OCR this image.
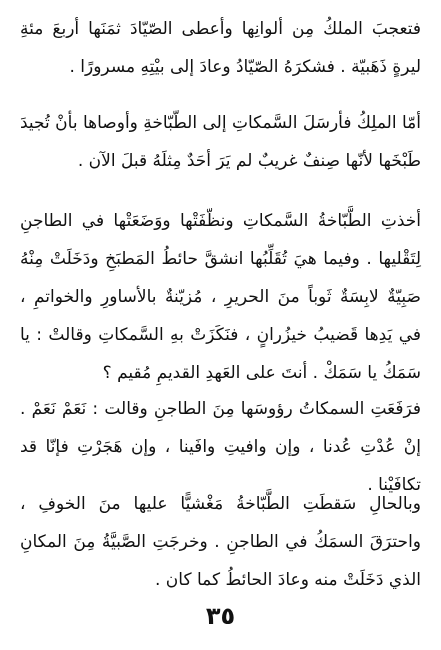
فتعجبَ الملكُ مِن ألوانِها وأعطى الصّيّادَ ثمَنَها أربعَ مئةِ ليرةٍ ذَهَبيّة . فشكرَهُ الصّيّادُ وعادَ إلى بيْتِهِ مسرورًا .

أمّا الملِكُ فأرسَلَ السَّمكاتِ إلى الطّبّاخةِ وأوصاها بأنْ تُجيدَ طَبْخَها لأنّها صِنفٌ غريبٌ لم يَرَ أحَدٌ مِثلَهُ قبلَ الآن .

أخذتِ الطَّبّاخةُ السَّمكاتِ ونظّفَتْها ووَضَعَتْها في الطاجنِ لِتَقْليها . وفيما هيَ تُقَلِّبُها انشقَّ حائطُ المَطبَخِ ودَخَلَتْ مِنْهُ صَبِيّةٌ لابِسَةٌ ثَوباً منَ الحريرِ ، مُزيّنةٌ بالأساورِ والخواتمِ ، في يَدِها قَضيبُ خيزُرانٍ ، فنَكَزَتْ بهِ السَّمكاتِ وقالتْ : يا سَمَكُ يا سَمَكْ . أنتَ على العَهدِ القديمِ مُقيم ؟

فرَفَعَتِ السمكاتُ رؤوسَها مِنَ الطاجنِ وقالت : نَعَمْ نَعَمْ . إنْ عُدْتِ عُدنا ، وإن وافيتِ وافَينا ، وإن هَجَرْتِ فإنّا قد تكافَيْنا .

وبالحالِ سَقطَتِ الطَّبّاخةُ مَغْشيًّا عليها منَ الخوفِ ، واحترَقَ السمَكُ في الطاجنِ . وخرجَتِ الصَّبيَّةُ مِنَ المكانِ الذي دَخَلَتْ منه وعادَ الحائطُ كما كان .

٣٥
